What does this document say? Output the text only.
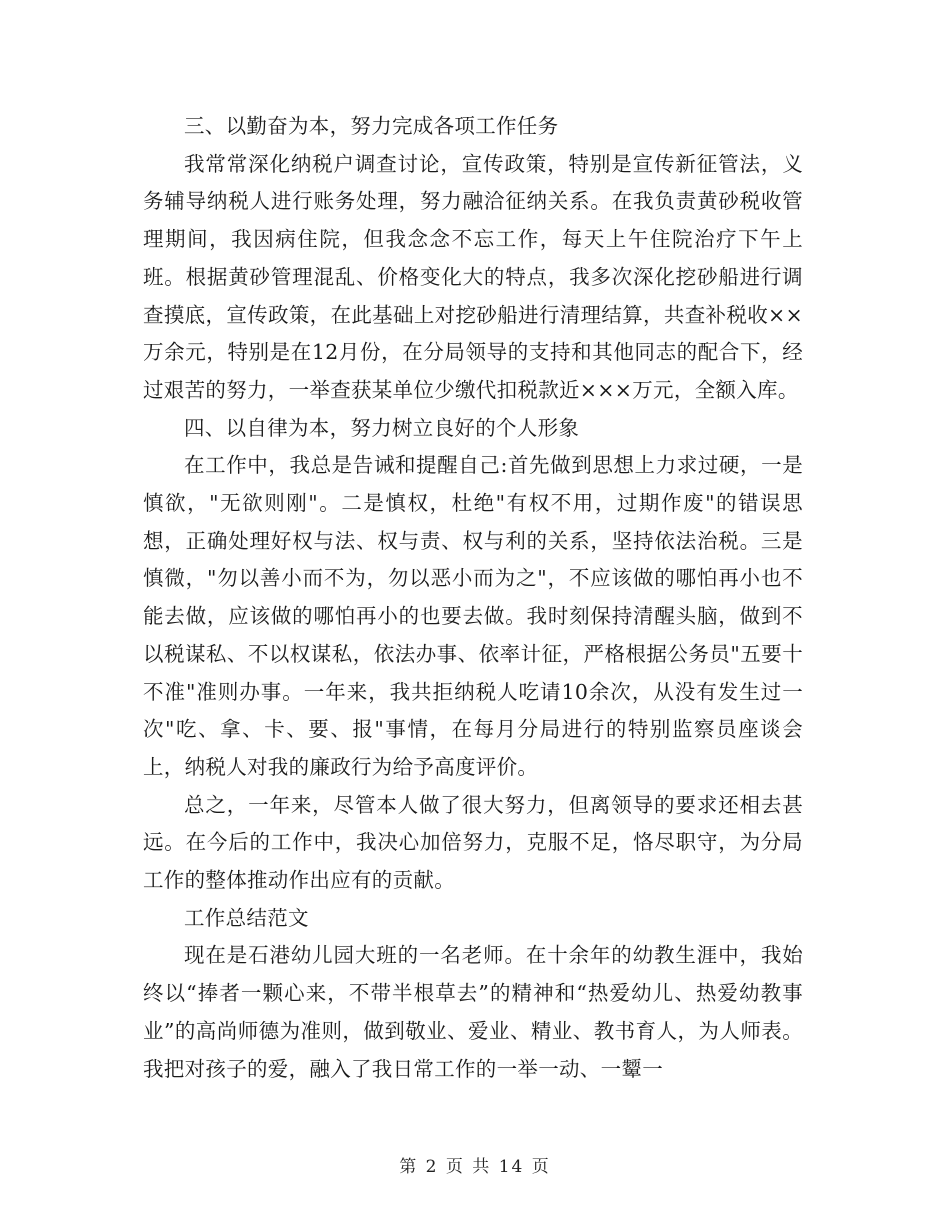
三、以勤奋为本，努力完成各项工作任务

我常常深化纳税户调查讨论，宣传政策，特别是宣传新征管法，义务辅导纳税人进行账务处理，努力融洽征纳关系。在我负责黄砂税收管理期间，我因病住院，但我念念不忘工作，每天上午住院治疗下午上班。根据黄砂管理混乱、价格变化大的特点，我多次深化挖砂船进行调查摸底，宣传政策，在此基础上对挖砂船进行清理结算，共查补税收××万余元，特别是在12月份，在分局领导的支持和其他同志的配合下，经过艰苦的努力，一举查获某单位少缴代扣税款近×××万元，全额入库。

四、以自律为本，努力树立良好的个人形象

在工作中，我总是告诫和提醒自己:首先做到思想上力求过硬，一是慎欲，"无欲则刚"。二是慎权，杜绝"有权不用，过期作废"的错误思想，正确处理好权与法、权与责、权与利的关系，坚持依法治税。三是慎微，"勿以善小而不为，勿以恶小而为之"，不应该做的哪怕再小也不能去做，应该做的哪怕再小的也要去做。我时刻保持清醒头脑，做到不以税谋私、不以权谋私，依法办事、依率计征，严格根据公务员"五要十不准"准则办事。一年来，我共拒纳税人吃请10余次，从没有发生过一次"吃、拿、卡、要、报"事情，在每月分局进行的特别监察员座谈会上，纳税人对我的廉政行为给予高度评价。

总之，一年来，尽管本人做了很大努力，但离领导的要求还相去甚远。在今后的工作中，我决心加倍努力，克服不足，恪尽职守，为分局工作的整体推动作出应有的贡献。

工作总结范文

现在是石港幼儿园大班的一名老师。在十余年的幼教生涯中，我始终以“捧者一颗心来，不带半根草去”的精神和“热爱幼儿、热爱幼教事业”的高尚师德为准则，做到敬业、爱业、精业、教书育人，为人师表。我把对孩子的爱，融入了我日常工作的一举一动、一颦一

第 2 页 共 14 页
